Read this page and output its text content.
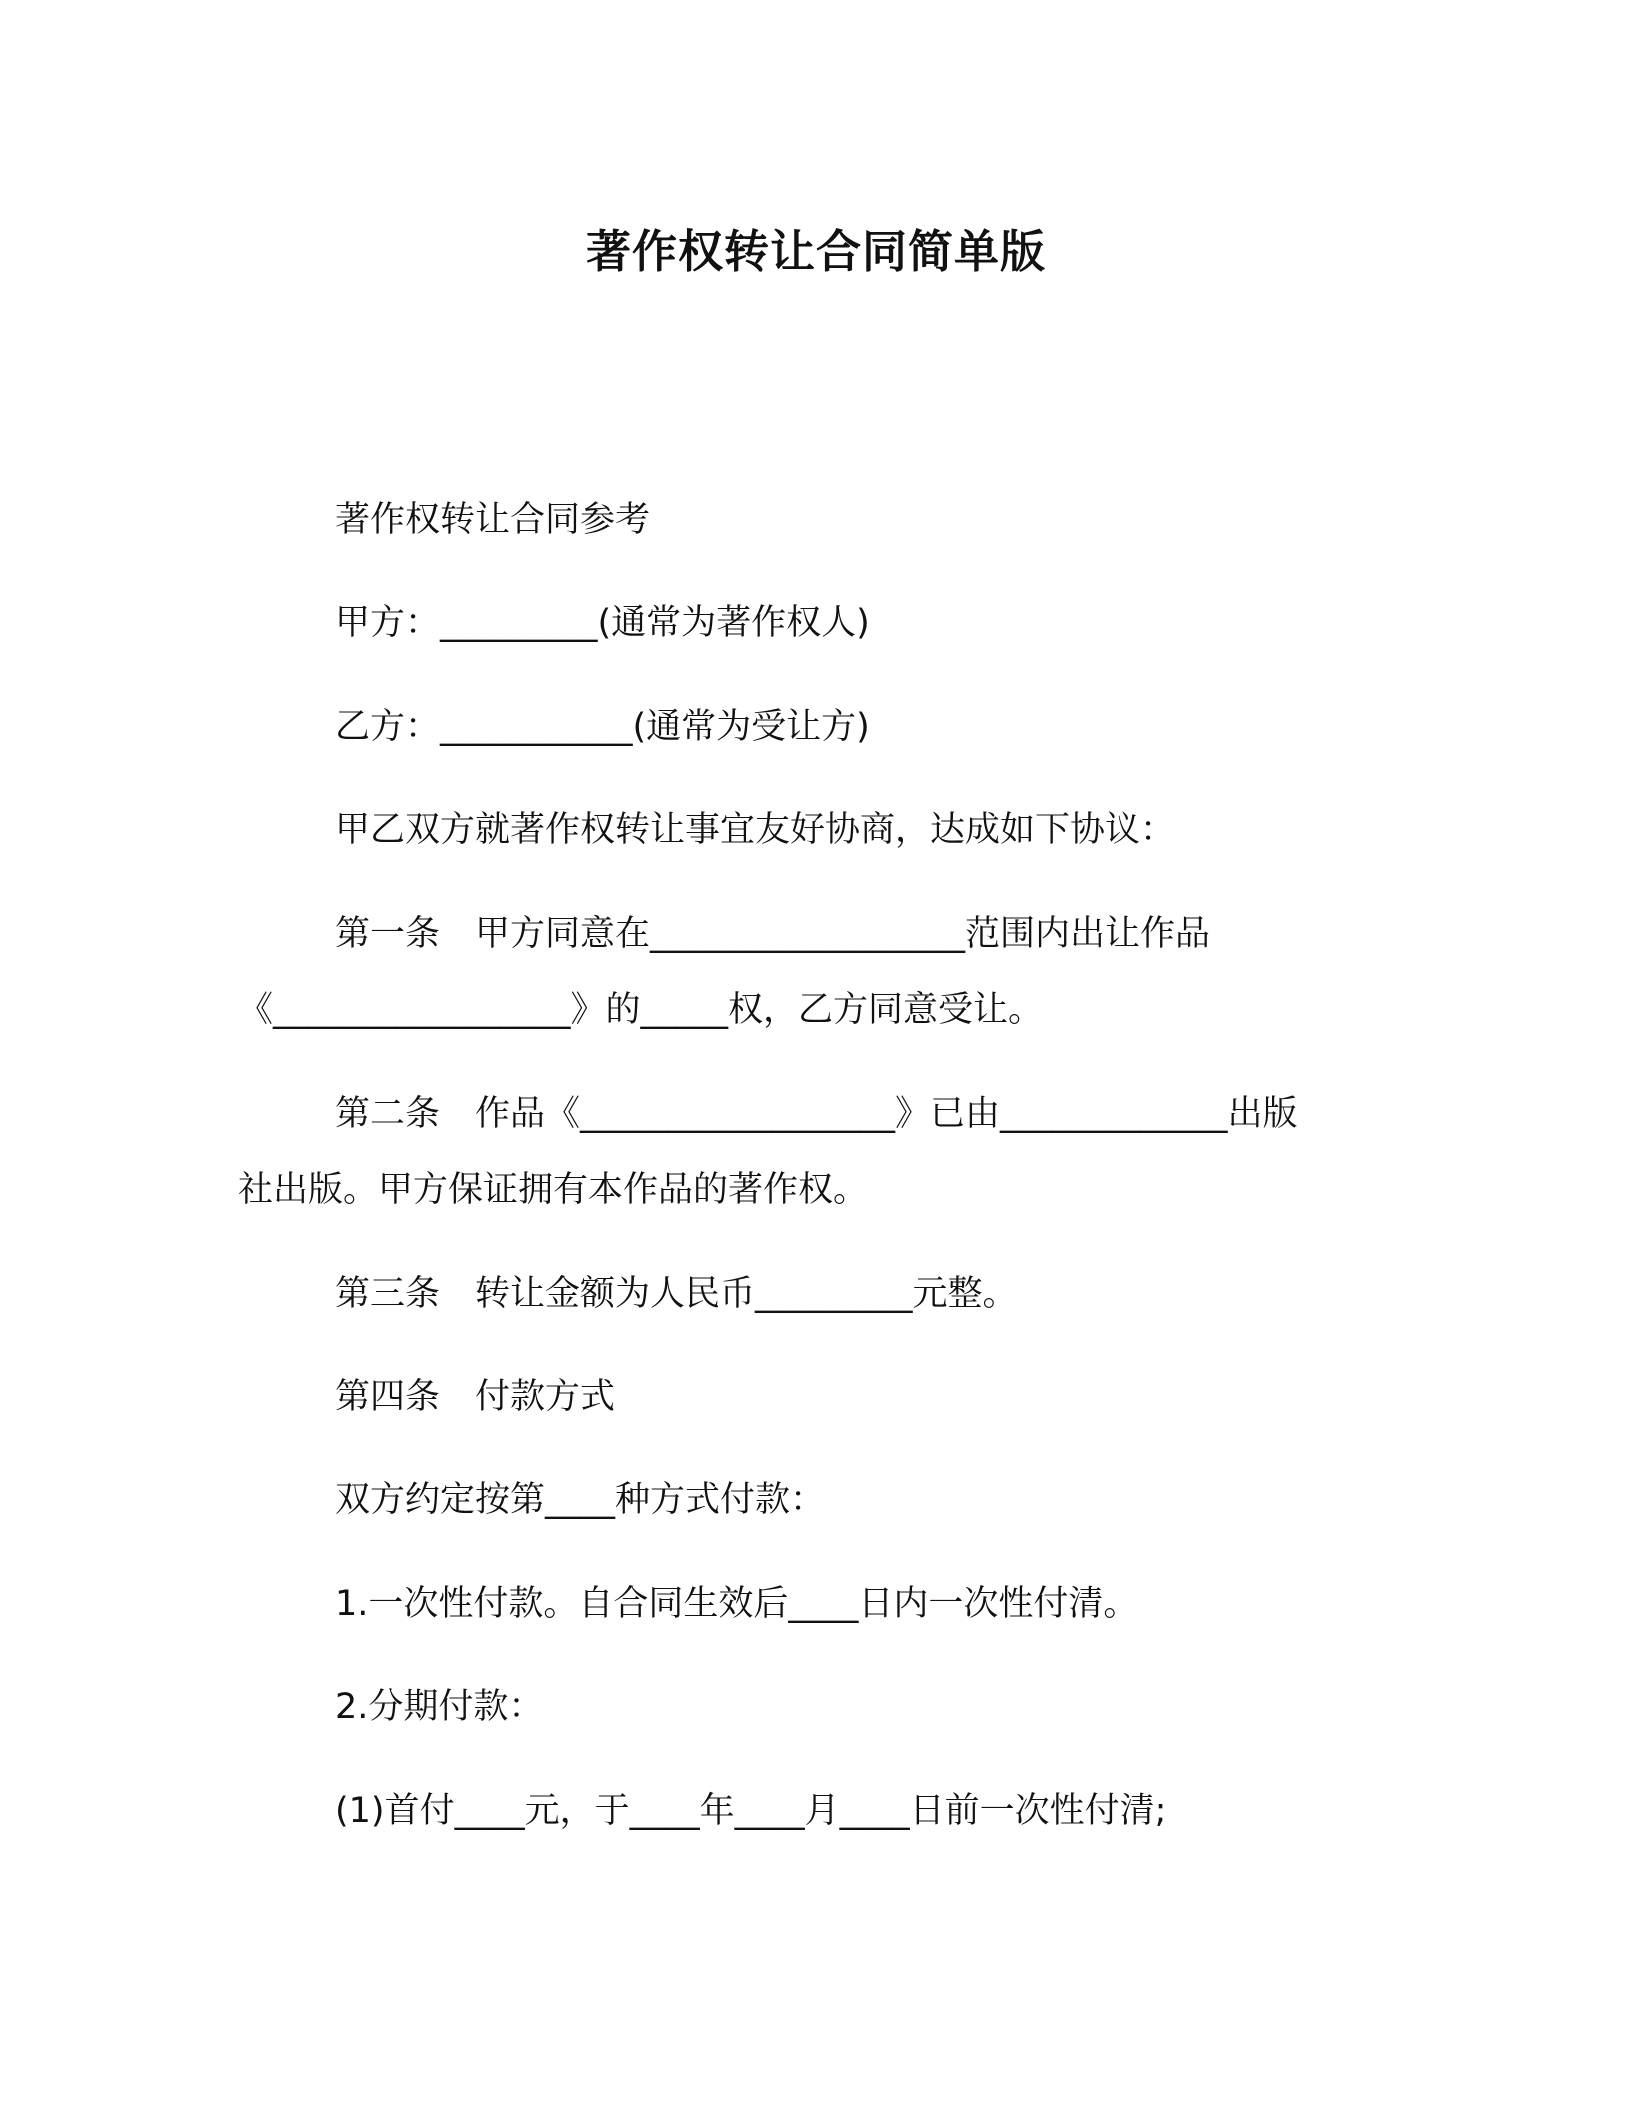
著作权转让合同简单版
著作权转让合同参考
甲方：_________(通常为著作权人)
乙方：___________(通常为受让方)
甲乙双方就著作权转让事宜友好协商，达成如下协议：
第一条　甲方同意在__________________范围内出让作品
《_________________》的_____权，乙方同意受让。
第二条　作品《__________________》已由_____________出版
社出版。甲方保证拥有本作品的著作权。
第三条　转让金额为人民币_________元整。
第四条　付款方式
双方约定按第____种方式付款：
1.一次性付款。自合同生效后____日内一次性付清。
2.分期付款：
(1)首付____元，于____年____月____日前一次性付清;
